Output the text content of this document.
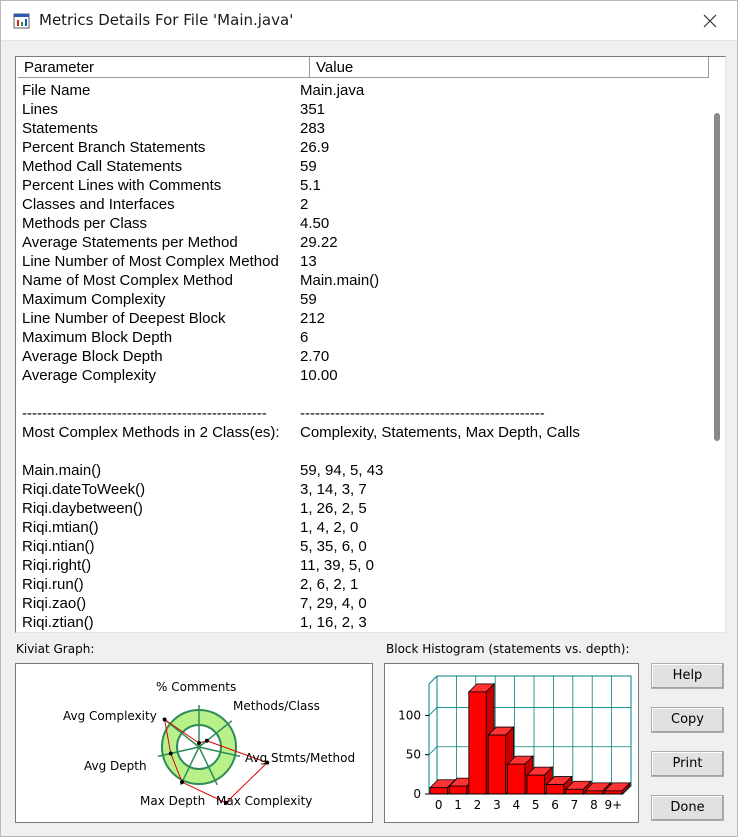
Metrics Details For File 'Main.java'
Parameter	Value
File Name	Main.java
Lines	351
Statements	283
Percent Branch Statements	26.9
Method Call Statements	59
Percent Lines with Comments	5.1
Classes and Interfaces	2
Methods per Class	4.50
Average Statements per Method	29.22
Line Number of Most Complex Method	13
Name of Most Complex Method	Main.main()
Maximum Complexity	59
Line Number of Deepest Block	212
Maximum Block Depth	6
Average Block Depth	2.70
Average Complexity	10.00
-------------------------------------------------	-------------------------------------------------
Most Complex Methods in 2 Class(es):	Complexity, Statements, Max Depth, Calls
Main.main()	59, 94, 5, 43
Riqi.dateToWeek()	3, 14, 3, 7
Riqi.daybetween()	1, 26, 2, 5
Riqi.mtian()	1, 4, 2, 0
Riqi.ntian()	5, 35, 6, 0
Riqi.right()	11, 39, 5, 0
Riqi.run()	2, 6, 2, 1
Riqi.zao()	7, 29, 4, 0
Riqi.ztian()	1, 16, 2, 3
Kiviat Graph:	Block Histogram (statements vs. depth):
% Comments
Methods/Class
Avg Stmts/Method
Max Complexity
Max Depth
Avg Depth
Avg Complexity
0
50
100
0 1 2 3 4 5 6 7 8 9+
Help
Copy
Print
Done
